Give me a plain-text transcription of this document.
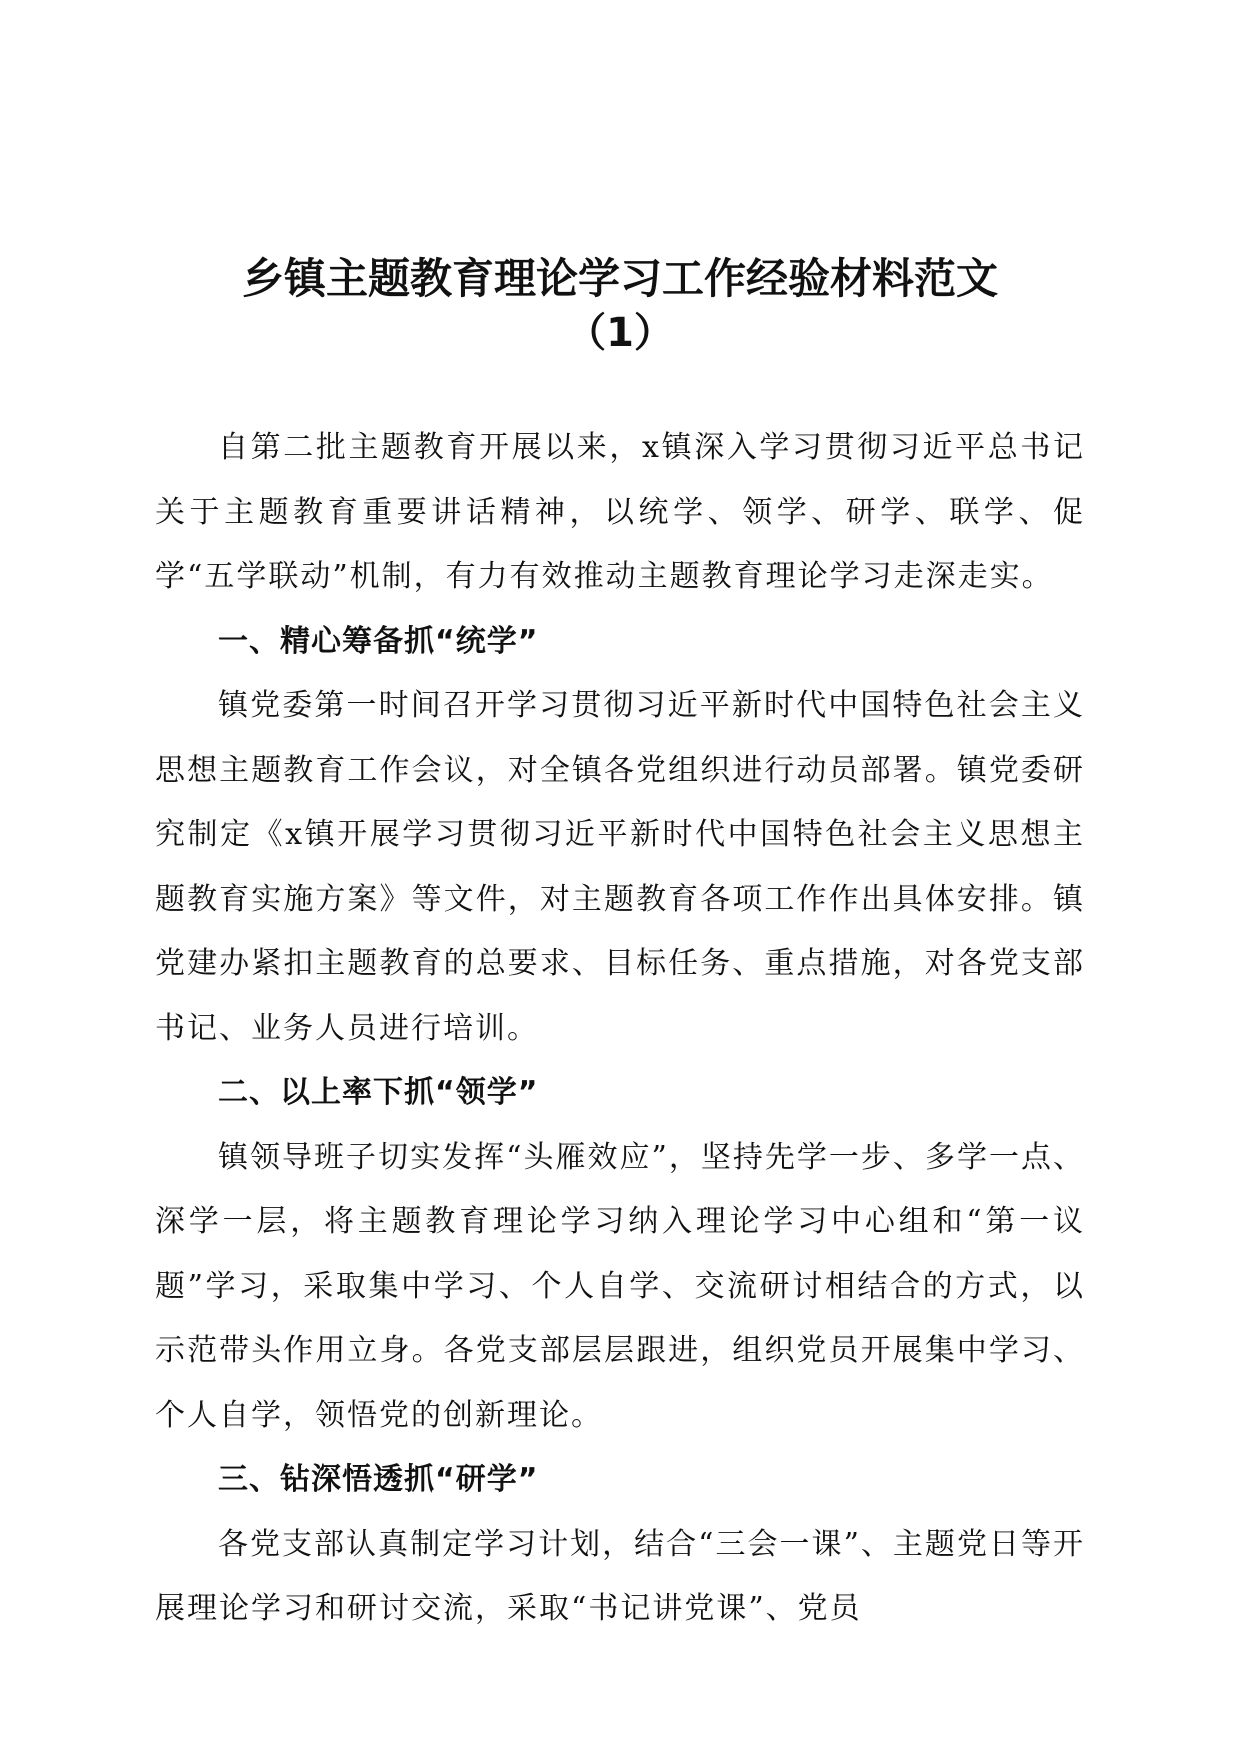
乡镇主题教育理论学习工作经验材料范文
（1）

自第二批主题教育开展以来，x镇深入学习贯彻习近平总书记关于主题教育重要讲话精神，以统学、领学、研学、联学、促学“五学联动”机制，有力有效推动主题教育理论学习走深走实。

一、精心筹备抓“统学”

镇党委第一时间召开学习贯彻习近平新时代中国特色社会主义思想主题教育工作会议，对全镇各党组织进行动员部署。镇党委研究制定《x镇开展学习贯彻习近平新时代中国特色社会主义思想主题教育实施方案》等文件，对主题教育各项工作作出具体安排。镇党建办紧扣主题教育的总要求、目标任务、重点措施，对各党支部书记、业务人员进行培训。

二、以上率下抓“领学”

镇领导班子切实发挥“头雁效应”，坚持先学一步、多学一点、深学一层，将主题教育理论学习纳入理论学习中心组和“第一议题”学习，采取集中学习、个人自学、交流研讨相结合的方式，以示范带头作用立身。各党支部层层跟进，组织党员开展集中学习、个人自学，领悟党的创新理论。

三、钻深悟透抓“研学”

各党支部认真制定学习计划，结合“三会一课”、主题党日等开展理论学习和研讨交流，采取“书记讲党课”、党员
